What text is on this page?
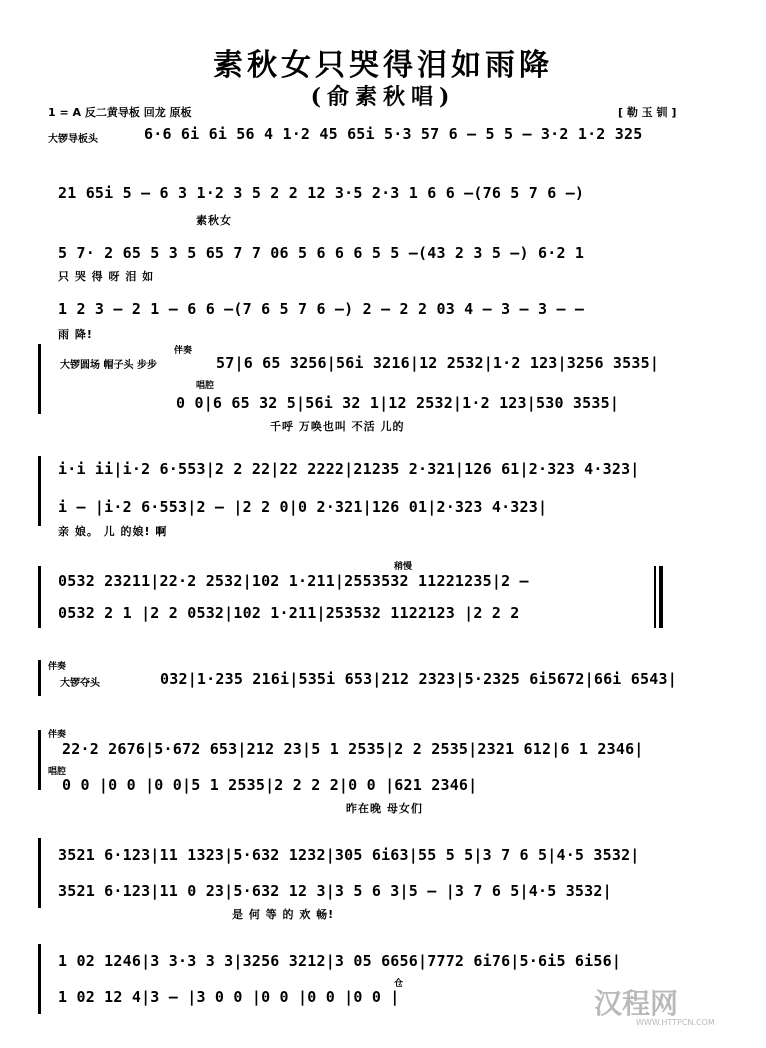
素秋女只哭得泪如雨降
(俞素秋唱)
1 = A 反二黄导板 回龙 原板	[ 勒 玉 钏 ]
大锣导板头	6·6 6i 6i 56 4 1·2 45 65i 5·3 57 6 — 5 5 — 3·2 1·2 325
21 65i 5 — 6 3 1·2 3 5 2 2 12 3·5 2·3 1 6 6 —(76 5 7 6 —)
素秋女
5 7· 2 65 5 3 5 65 7 7 06 5 6 6 6 5 5 —(43 2 3 5 —) 6·2 1
只 哭 得 呀 泪 如
1 2 3 — 2 1 — 6 6 —(7 6 5 7 6 —) 2 — 2 2 03 4 — 3 — 3 — —
雨 降!
伴奏
大锣圆场 帽子头 步步
唱腔
57|6 65 3256|56i 3216|12 2532|1·2 123|3256 3535|
0 0|6 65 32 5|56i 32 1|12 2532|1·2 123|530 3535|
千呼 万唤也叫 不活 儿的
i·i ii|i·2 6·553|2 2 22|22 2222|21235 2·321|126 61|2·323 4·323|
i — |i·2 6·553|2 — |2 2 0|0 2·321|126 01|2·323 4·323|
亲 娘。 儿 的娘! 啊
稍慢
0532 23211|22·2 2532|102 1·211|2553532 11221235|2 —
0532 2 1 |2 2 0532|102 1·211|253532 1122123 |2 2 2
伴奏
大锣夺头	032|1·235 216i|535i 653|212 2323|5·2325 6i5672|66i 6543|
伴奏
唱腔
22·2 2676|5·672 653|212 23|5 1 2535|2 2 2535|2321 612|6 1 2346|
0 0 |0 0 |0 0|5 1 2535|2 2 2 2|0 0 |621 2346|
昨在晚 母女们
3521 6·123|11 1323|5·632 1232|305 6i63|55 5 5|3 7 6 5|4·5 3532|
3521 6·123|11 0 23|5·632 12 3|3 5 6 3|5 — |3 7 6 5|4·5 3532|
是 何 等 的 欢 畅!
仓
1 02 1246|3 3·3 3 3|3256 3212|3 05 6656|7772 6i76|5·6i5 6i56|
1 02 12 4|3 — |3 0 0 |0 0 |0 0 |0 0 |	汉程网
WWW.HTTPCN.COM
